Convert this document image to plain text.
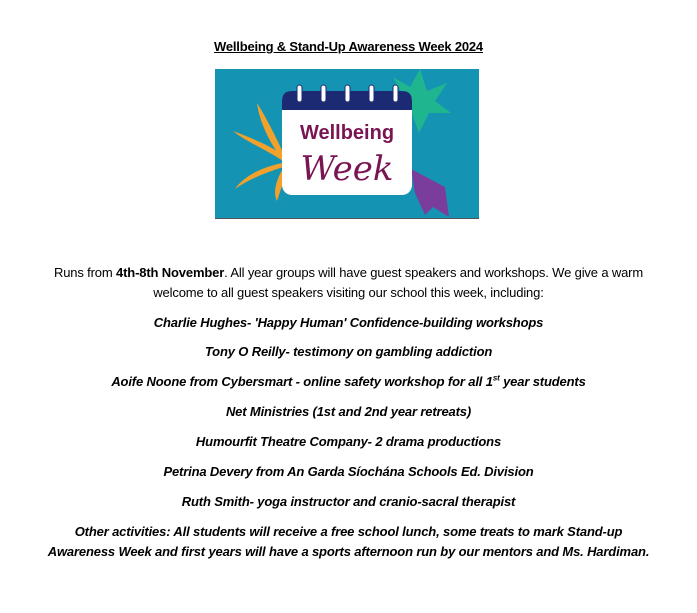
Wellbeing & Stand-Up Awareness Week 2024
Wellbeing
Week
Runs from 4th-8th November. All year groups will have guest speakers and workshops. We give a warm welcome to all guest speakers visiting our school this week, including:
Charlie Hughes- 'Happy Human' Confidence-building workshops
Tony O Reilly- testimony on gambling addiction
Aoife Noone from Cybersmart - online safety workshop for all 1st year students
Net Ministries (1st and 2nd year retreats)
Humourfit Theatre Company- 2 drama productions
Petrina Devery from An Garda Síochána Schools Ed. Division
Ruth Smith- yoga instructor and cranio-sacral therapist
Other activities: All students will receive a free school lunch, some treats to mark Stand-up Awareness Week and first years will have a sports afternoon run by our mentors and Ms. Hardiman.
